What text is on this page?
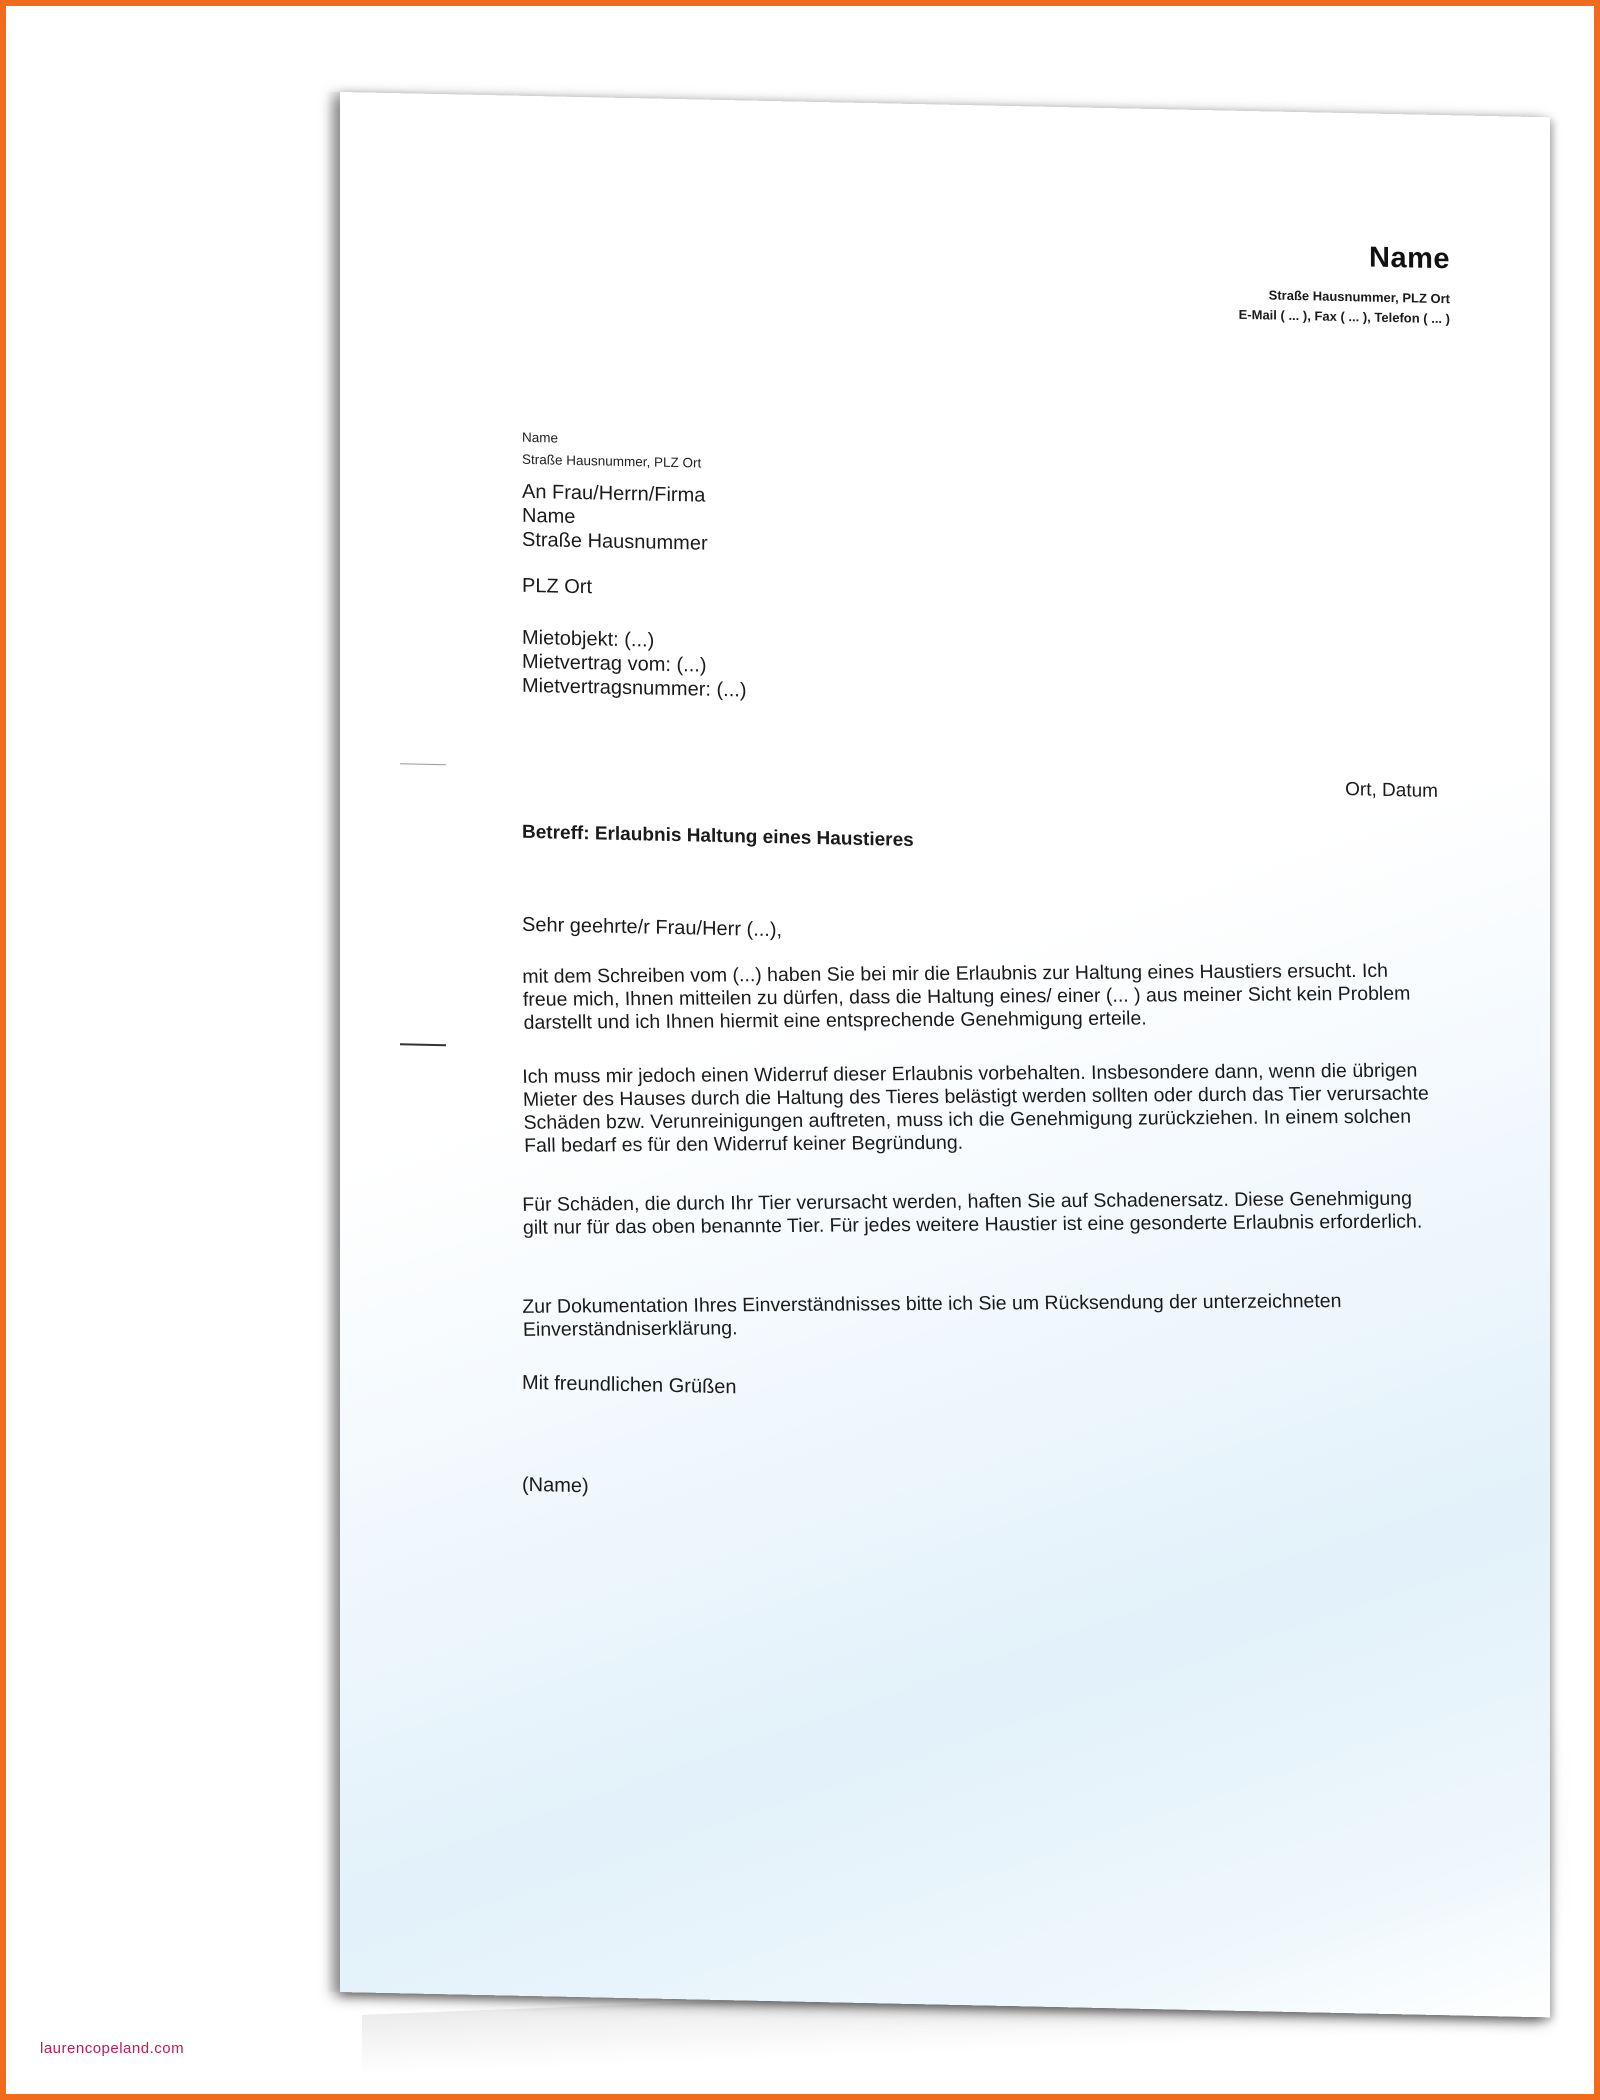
Name
Straße Hausnummer, PLZ Ort
E-Mail ( ... ), Fax ( ... ), Telefon ( ... )
Name
Straße Hausnummer, PLZ Ort
An Frau/Herrn/Firma
Name
Straße Hausnummer
PLZ Ort
Mietobjekt: (...)
Mietvertrag vom: (...)
Mietvertragsnummer: (...)
Ort, Datum
Betreff: Erlaubnis Haltung eines Haustieres
Sehr geehrte/r Frau/Herr (...),
mit dem Schreiben vom (...) haben Sie bei mir die Erlaubnis zur Haltung eines Haustiers ersucht. Ich freue mich, Ihnen mitteilen zu dürfen, dass die Haltung eines/ einer (... ) aus meiner Sicht kein Problem darstellt und ich Ihnen hiermit eine entsprechende Genehmigung erteile.
Ich muss mir jedoch einen Widerruf dieser Erlaubnis vorbehalten. Insbesondere dann, wenn die übrigen Mieter des Hauses durch die Haltung des Tieres belästigt werden sollten oder durch das Tier verursachte Schäden bzw. Verunreinigungen auftreten, muss ich die Genehmigung zurückziehen. In einem solchen Fall bedarf es für den Widerruf keiner Begründung.
Für Schäden, die durch Ihr Tier verursacht werden, haften Sie auf Schadenersatz. Diese Genehmigung gilt nur für das oben benannte Tier. Für jedes weitere Haustier ist eine gesonderte Erlaubnis erforderlich.
Zur Dokumentation Ihres Einverständnisses bitte ich Sie um Rücksendung der unterzeichneten Einverständniserklärung.
Mit freundlichen Grüßen
(Name)
laurencopeland.com
